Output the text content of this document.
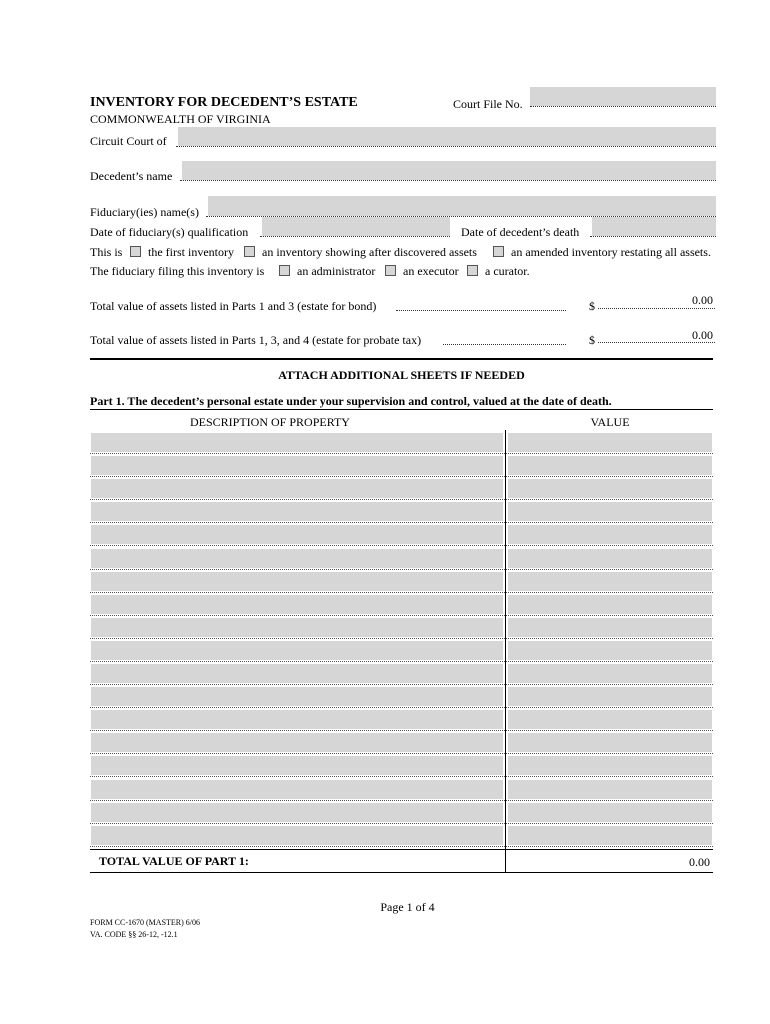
INVENTORY FOR DECEDENT’S ESTATE
COMMONWEALTH OF VIRGINIA
Court File No.
Circuit Court of
Decedent’s name
Fiduciary(ies) name(s)
Date of fiduciary(s) qualification	Date of decedent’s death
This is the first inventory an inventory showing after discovered assets	an amended inventory restating all assets.
The fiduciary filing this inventory is	an administrator an executor a curator.
Total value of assets listed in Parts 1 and 3 (estate for bond)	$	0.00
Total value of assets listed in Parts 1, 3, and 4 (estate for probate tax)	$	0.00
ATTACH ADDITIONAL SHEETS IF NEEDED
Part 1. The decedent’s personal estate under your supervision and control, valued at the date of death.
DESCRIPTION OF PROPERTY	VALUE
TOTAL VALUE OF PART 1:	0.00
Page 1 of 4
FORM CC-1670 (MASTER) 6/06
VA. CODE §§ 26-12, -12.1
